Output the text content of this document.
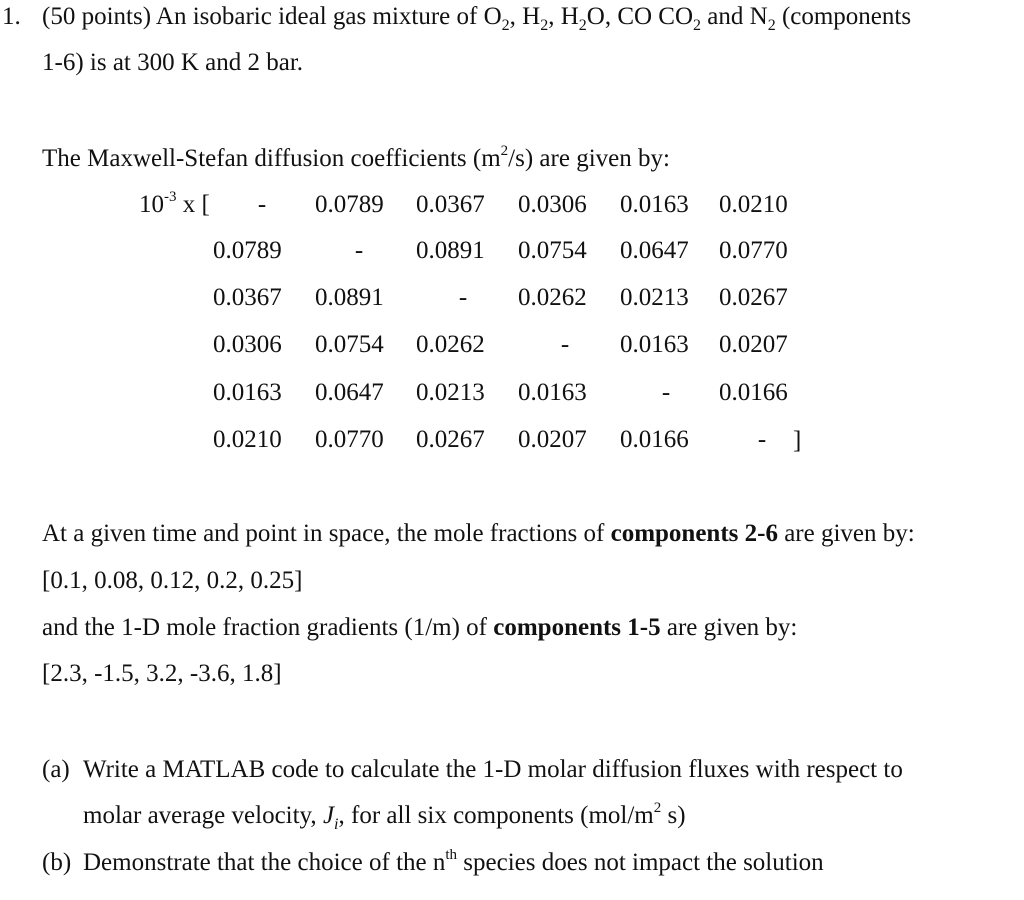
1. (50 points) An isobaric ideal gas mixture of $O_2$, $H_2$, $H_2O$, CO $CO_2$ and $N_2$ (components
1-6) is at 300 K and 2 bar.
The Maxwell-Stefan diffusion coefficients $(m^2/s)$ are given by:
$10^{-3}$ x [ - 0.0789	0.0367	0.0306	0.0163	0.0210
0.0789	- 0.0891	0.0754	0.0647	0.0770
0.0367	0.0891	- 0.0262	0.0213	0.0267
0.0306	0.0754	0.0262	- 0.0163	0.0207
0.0163	0.0647	0.0213	0.0163	- 0.0166
0.0210	0.0770	0.0267	0.0207	0.0166	- ]
At a given time and point in space, the mole fractions of components 2-6 are given by:
[0.1, 0.08, 0.12, 0.2, 0.25]
and the 1-D mole fraction gradients (1/m) of components 1-5 are given by:
[2.3, -1.5, 3.2, -3.6, 1.8]
(a) Write a MATLAB code to calculate the 1-D molar diffusion fluxes with respect to
molar average velocity, $J_i$, for all six components ($mol/m^2$ s)
(b) Demonstrate that the choice of the $n^{th}$ species does not impact the solution
